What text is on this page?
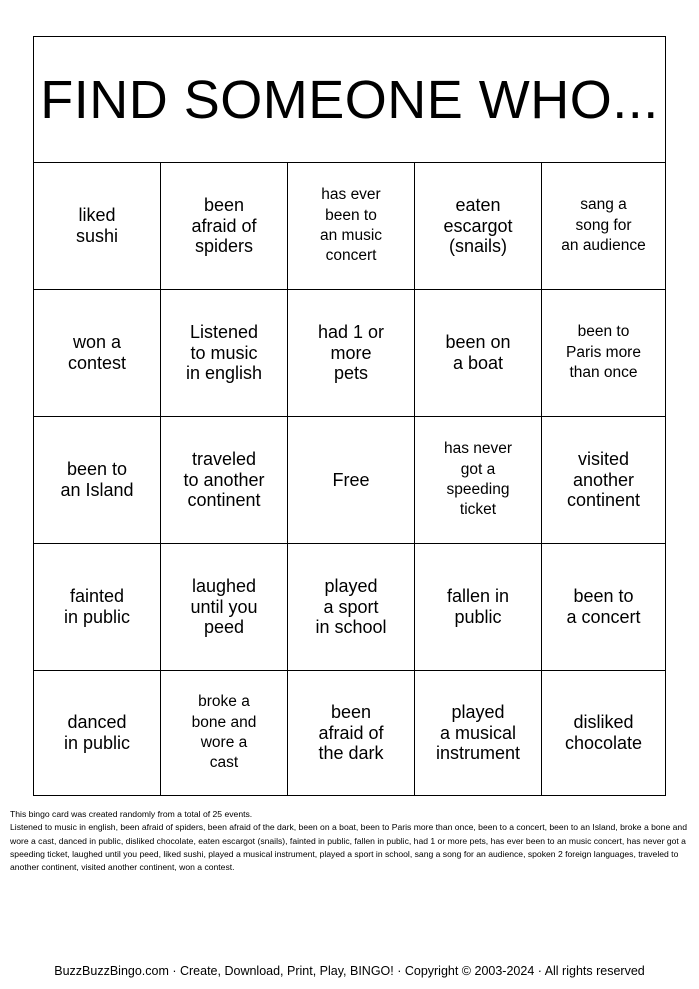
FIND SOMEONE WHO...
liked
sushi
been
afraid of
spiders
has ever
been to
an music
concert
eaten
escargot
(snails)
sang a
song for
an audience
won a
contest
Listened
to music
in english
had 1 or
more
pets
been on
a boat
been to
Paris more
than once
been to
an Island
traveled
to another
continent
Free
has never
got a
speeding
ticket
visited
another
continent
fainted
in public
laughed
until you
peed
played
a sport
in school
fallen in
public
been to
a concert
danced
in public
broke a
bone and
wore a
cast
been
afraid of
the dark
played
a musical
instrument
disliked
chocolate

This bingo card was created randomly from a total of 25 events.

Listened to music in english, been afraid of spiders, been afraid of the dark, been on a boat, been to Paris more than once, been to a concert, been to an Island, broke a bone and wore a cast, danced in public, disliked chocolate, eaten escargot (snails), fainted in public, fallen in public, had 1 or more pets, has ever been to an music concert, has never got a speeding ticket, laughed until you peed, liked sushi, played a musical instrument, played a sport in school, sang a song for an audience, spoken 2 foreign languages, traveled to another continent, visited another continent, won a contest.

BuzzBuzzBingo.com · Create, Download, Print, Play, BINGO! · Copyright © 2003-2024 · All rights reserved
